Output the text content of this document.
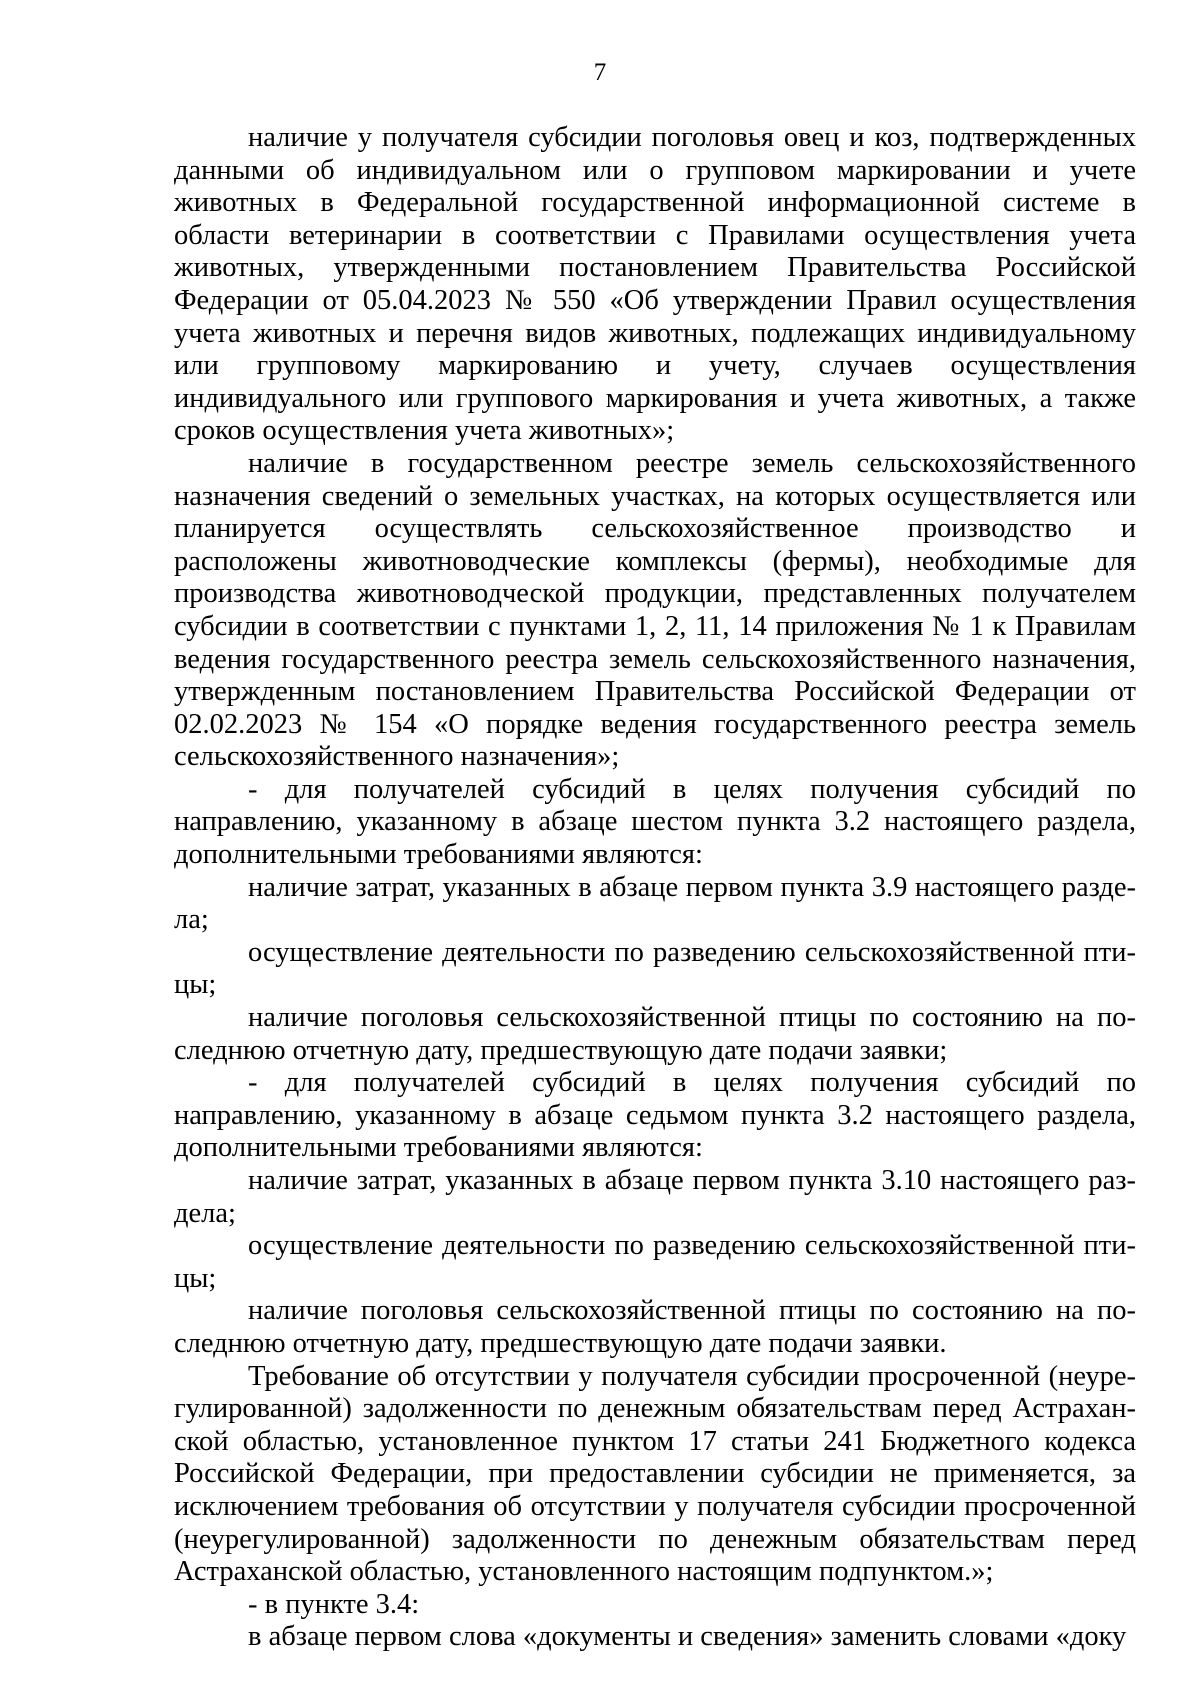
7

наличие у получателя субсидии поголовья овец и коз, подтвержденных данными об индивидуальном или о групповом маркировании и учете животных в Федеральной государственной информационной системе в области ветеринарии в соответствии с Правилами осуществления учета животных, утвержденными постановлением Правительства Российской Федерации от 05.04.2023 № 550 «Об утверждении Правил осуществления учета животных и перечня видов животных, подлежащих индивидуальному или групповому маркированию и учету, случаев осуществления индивидуального или группового маркирования и учета животных, а также сроков осуществления учета животных»;

наличие в государственном реестре земель сельскохозяйственного назначения сведений о земельных участках, на которых осуществляется или планируется осуществлять сельскохозяйственное производство и расположены животноводческие комплексы (фермы), необходимые для производства животноводческой продукции, представленных получателем субсидии в соответствии с пунктами 1, 2, 11, 14 приложения № 1 к Правилам ведения государственного реестра земель сельскохозяйственного назначения, утвержденным постановлением Правительства Российской Федерации от 02.02.2023 № 154 «О порядке ведения государственного реестра земель сельскохозяйственного назначения»;

- для получателей субсидий в целях получения субсидий по направлению, указанному в абзаце шестом пункта 3.2 настоящего раздела, дополнительными требованиями являются:

наличие затрат, указанных в абзаце первом пункта 3.9 настоящего раздела;

осуществление деятельности по разведению сельскохозяйственной птицы;

наличие поголовья сельскохозяйственной птицы по состоянию на последнюю отчетную дату, предшествующую дате подачи заявки;

- для получателей субсидий в целях получения субсидий по направлению, указанному в абзаце седьмом пункта 3.2 настоящего раздела, дополнительными требованиями являются:

наличие затрат, указанных в абзаце первом пункта 3.10 настоящего раздела;

осуществление деятельности по разведению сельскохозяйственной птицы;

наличие поголовья сельскохозяйственной птицы по состоянию на последнюю отчетную дату, предшествующую дате подачи заявки.

Требование об отсутствии у получателя субсидии просроченной (неурегулированной) задолженности по денежным обязательствам перед Астраханской областью, установленное пунктом 17 статьи 241 Бюджетного кодекса Российской Федерации, при предоставлении субсидии не применяется, за исключением требования об отсутствии у получателя субсидии просроченной (неурегулированной) задолженности по денежным обязательствам перед Астраханской областью, установленного настоящим подпунктом.»;

- в пункте 3.4:

в абзаце первом слова «документы и сведения» заменить словами «доку
